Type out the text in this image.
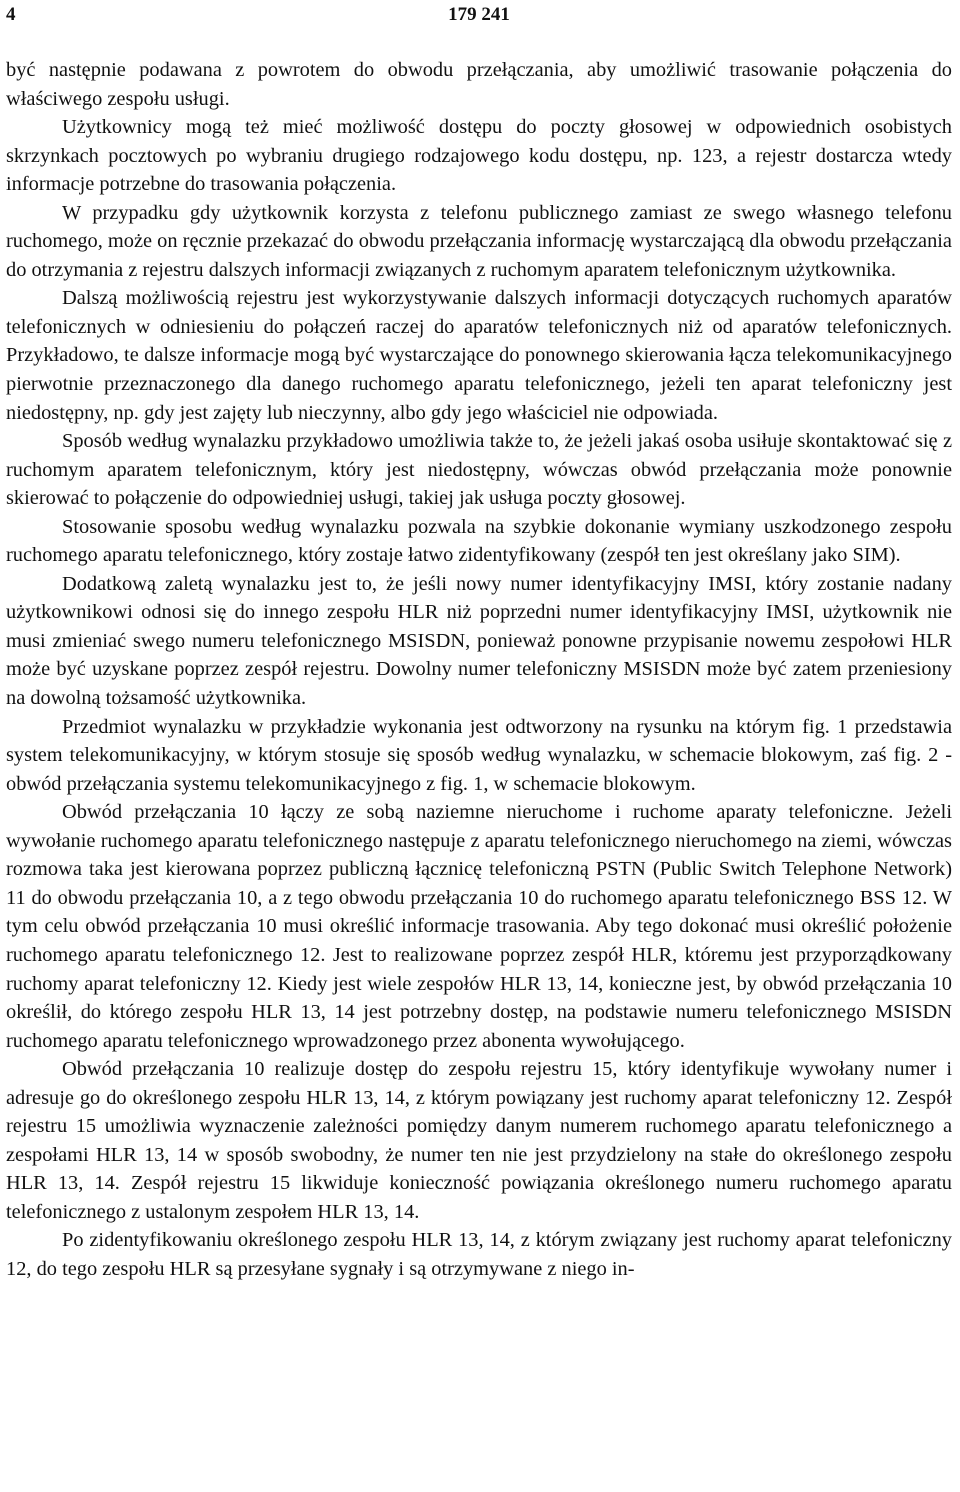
4	179 241

być następnie podawana z powrotem do obwodu przełączania, aby umożliwić trasowanie połączenia do właściwego zespołu usługi.

Użytkownicy mogą też mieć możliwość dostępu do poczty głosowej w odpowiednich osobistych skrzynkach pocztowych po wybraniu drugiego rodzajowego kodu dostępu, np. 123, a rejestr dostarcza wtedy informacje potrzebne do trasowania połączenia.

W przypadku gdy użytkownik korzysta z telefonu publicznego zamiast ze swego własnego telefonu ruchomego, może on ręcznie przekazać do obwodu przełączania informację wystarczającą dla obwodu przełączania do otrzymania z rejestru dalszych informacji związanych z ruchomym aparatem telefonicznym użytkownika.

Dalszą możliwością rejestru jest wykorzystywanie dalszych informacji dotyczących ruchomych aparatów telefonicznych w odniesieniu do połączeń raczej do aparatów telefonicznych niż od aparatów telefonicznych. Przykładowo, te dalsze informacje mogą być wystarczające do ponownego skierowania łącza telekomunikacyjnego pierwotnie przeznaczonego dla danego ruchomego aparatu telefonicznego, jeżeli ten aparat telefoniczny jest niedostępny, np. gdy jest zajęty lub nieczynny, albo gdy jego właściciel nie odpowiada.

Sposób według wynalazku przykładowo umożliwia także to, że jeżeli jakaś osoba usiłuje skontaktować się z ruchomym aparatem telefonicznym, który jest niedostępny, wówczas obwód przełączania może ponownie skierować to połączenie do odpowiedniej usługi, takiej jak usługa poczty głosowej.

Stosowanie sposobu według wynalazku pozwala na szybkie dokonanie wymiany uszkodzonego zespołu ruchomego aparatu telefonicznego, który zostaje łatwo zidentyfikowany (zespół ten jest określany jako SIM).

Dodatkową zaletą wynalazku jest to, że jeśli nowy numer identyfikacyjny IMSI, który zostanie nadany użytkownikowi odnosi się do innego zespołu HLR niż poprzedni numer identyfikacyjny IMSI, użytkownik nie musi zmieniać swego numeru telefonicznego MSISDN, ponieważ ponowne przypisanie nowemu zespołowi HLR może być uzyskane poprzez zespół rejestru. Dowolny numer telefoniczny MSISDN może być zatem przeniesiony na dowolną tożsamość użytkownika.

Przedmiot wynalazku w przykładzie wykonania jest odtworzony na rysunku na którym fig. 1 przedstawia system telekomunikacyjny, w którym stosuje się sposób według wynalazku, w schemacie blokowym, zaś fig. 2 - obwód przełączania systemu telekomunikacyjnego z fig. 1, w schemacie blokowym.

Obwód przełączania 10 łączy ze sobą naziemne nieruchome i ruchome aparaty telefoniczne. Jeżeli wywołanie ruchomego aparatu telefonicznego następuje z aparatu telefonicznego nieruchomego na ziemi, wówczas rozmowa taka jest kierowana poprzez publiczną łącznicę telefoniczną PSTN (Public Switch Telephone Network) 11 do obwodu przełączania 10, a z tego obwodu przełączania 10 do ruchomego aparatu telefonicznego BSS 12. W tym celu obwód przełączania 10 musi określić informacje trasowania. Aby tego dokonać musi określić położenie ruchomego aparatu telefonicznego 12. Jest to realizowane poprzez zespół HLR, któremu jest przyporządkowany ruchomy aparat telefoniczny 12. Kiedy jest wiele zespołów HLR 13, 14, konieczne jest, by obwód przełączania 10 określił, do którego zespołu HLR 13, 14 jest potrzebny dostęp, na podstawie numeru telefonicznego MSISDN ruchomego aparatu telefonicznego wprowadzonego przez abonenta wywołującego.

Obwód przełączania 10 realizuje dostęp do zespołu rejestru 15, który identyfikuje wywołany numer i adresuje go do określonego zespołu HLR 13, 14, z którym powiązany jest ruchomy aparat telefoniczny 12. Zespół rejestru 15 umożliwia wyznaczenie zależności pomiędzy danym numerem ruchomego aparatu telefonicznego a zespołami HLR 13, 14 w sposób swobodny, że numer ten nie jest przydzielony na stałe do określonego zespołu HLR 13, 14. Zespół rejestru 15 likwiduje konieczność powiązania określonego numeru ruchomego aparatu telefonicznego z ustalonym zespołem HLR 13, 14.

Po zidentyfikowaniu określonego zespołu HLR 13, 14, z którym związany jest ruchomy aparat telefoniczny 12, do tego zespołu HLR są przesyłane sygnały i są otrzymywane z niego in-
